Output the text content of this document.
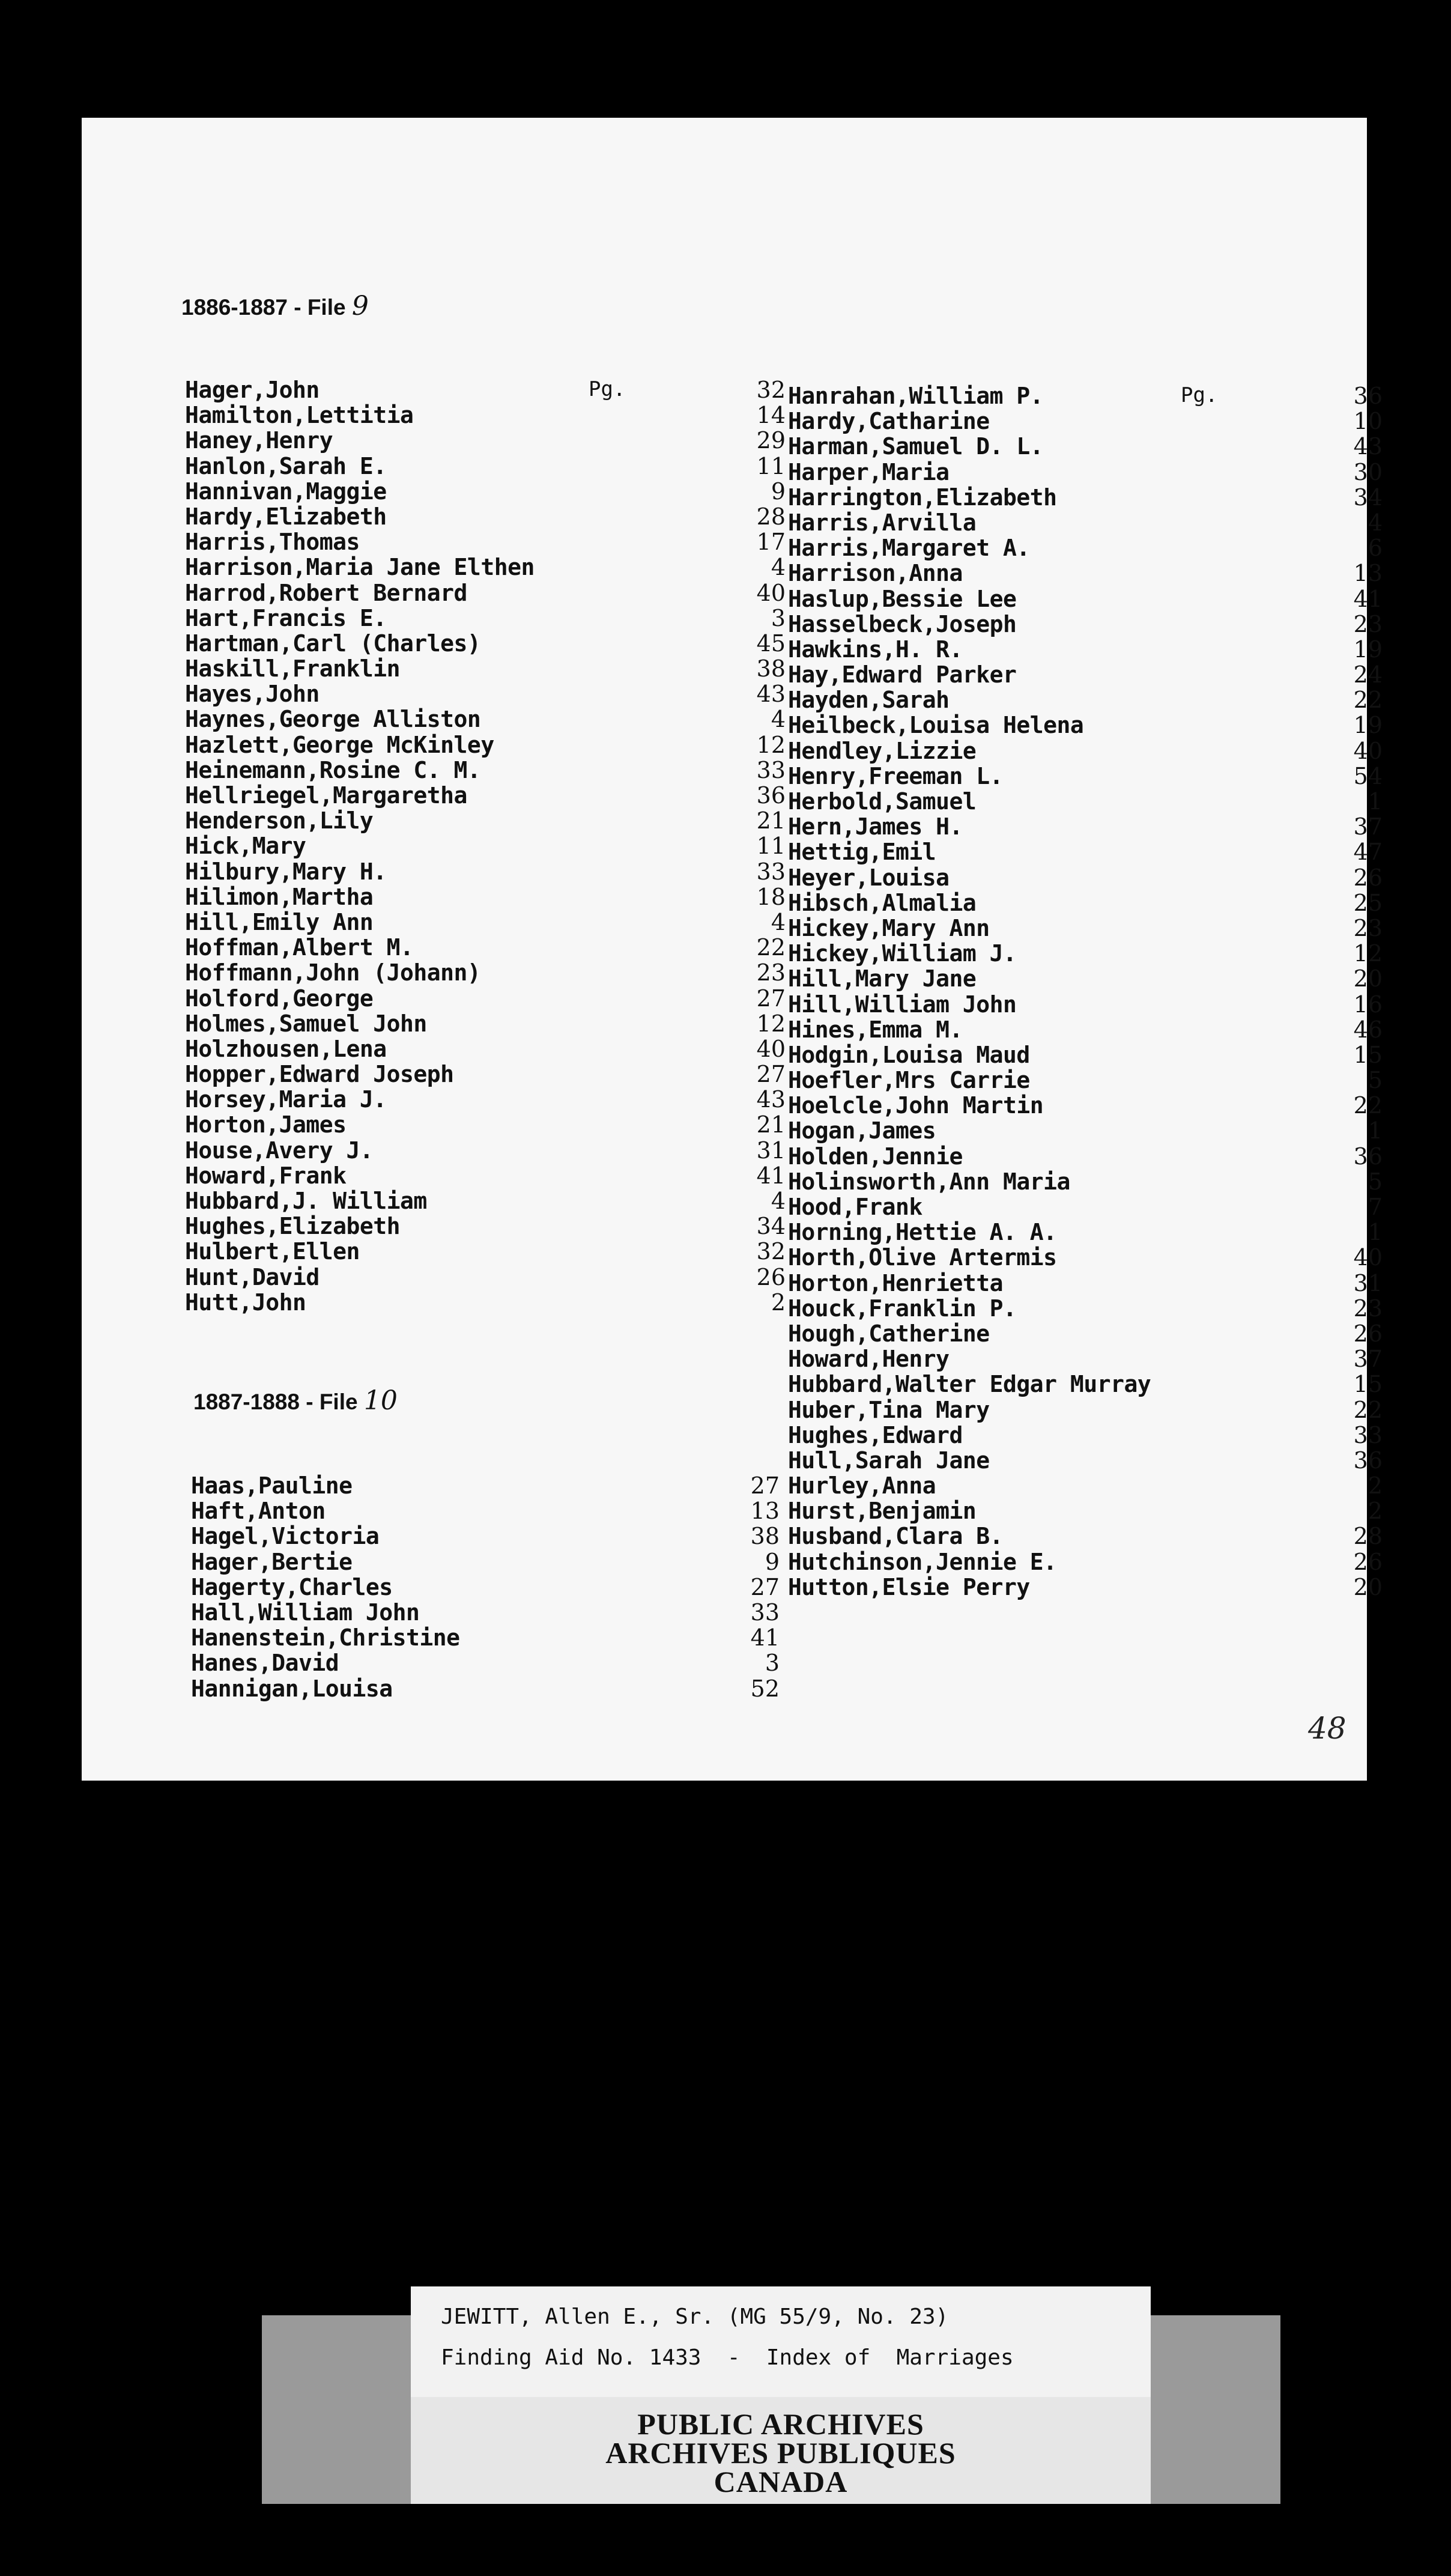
1886-1887 - File 9
Pg.	Pg.
Hager,John	32
Hamilton,Lettitia	14
Haney,Henry	29
Hanlon,Sarah E.	11
Hannivan,Maggie	9
Hardy,Elizabeth	28
Harris,Thomas	17
Harrison,Maria Jane Elthen	4
Harrod,Robert Bernard	40
Hart,Francis E.	3
Hartman,Carl (Charles)	45
Haskill,Franklin	38
Hayes,John	43
Haynes,George Alliston	4
Hazlett,George McKinley	12
Heinemann,Rosine C. M.	33
Hellriegel,Margaretha	36
Henderson,Lily	21
Hick,Mary	11
Hilbury,Mary H.	33
Hilimon,Martha	18
Hill,Emily Ann	4
Hoffman,Albert M.	22
Hoffmann,John (Johann)	23
Holford,George	27
Holmes,Samuel John	12
Holzhousen,Lena	40
Hopper,Edward Joseph	27
Horsey,Maria J.	43
Horton,James	21
House,Avery J.	31
Howard,Frank	41
Hubbard,J. William	4
Hughes,Elizabeth	34
Hulbert,Ellen	32
Hunt,David	26
Hutt,John	2
1887-1888 - File 10
Haas,Pauline	27
Haft,Anton	13
Hagel,Victoria	38
Hager,Bertie	9
Hagerty,Charles	27
Hall,William John	33
Hanenstein,Christine	41
Hanes,David	3
Hannigan,Louisa	52
Hanrahan,William P.	36
Hardy,Catharine	10
Harman,Samuel D. L.	43
Harper,Maria	30
Harrington,Elizabeth	34
Harris,Arvilla	4
Harris,Margaret A.	6
Harrison,Anna	13
Haslup,Bessie Lee	41
Hasselbeck,Joseph	23
Hawkins,H. R.	19
Hay,Edward Parker	24
Hayden,Sarah	22
Heilbeck,Louisa Helena	19
Hendley,Lizzie	40
Henry,Freeman L.	54
Herbold,Samuel	1
Hern,James H.	37
Hettig,Emil	47
Heyer,Louisa	26
Hibsch,Almalia	25
Hickey,Mary Ann	23
Hickey,William J.	12
Hill,Mary Jane	20
Hill,William John	16
Hines,Emma M.	46
Hodgin,Louisa Maud	15
Hoefler,Mrs Carrie	5
Hoelcle,John Martin	22
Hogan,James	1
Holden,Jennie	36
Holinsworth,Ann Maria	5
Hood,Frank	7
Horning,Hettie A. A.	1
Horth,Olive Artermis	40
Horton,Henrietta	31
Houck,Franklin P.	23
Hough,Catherine	26
Howard,Henry	37
Hubbard,Walter Edgar Murray	15
Huber,Tina Mary	22
Hughes,Edward	33
Hull,Sarah Jane	36
Hurley,Anna	2
Hurst,Benjamin	2
Husband,Clara B.	28
Hutchinson,Jennie E.	26
Hutton,Elsie Perry	20
48
JEWITT, Allen E., Sr. (MG 55/9, No. 23)
Finding Aid No. 1433  -  Index of  Marriages
PUBLIC ARCHIVES
ARCHIVES PUBLIQUES
CANADA
